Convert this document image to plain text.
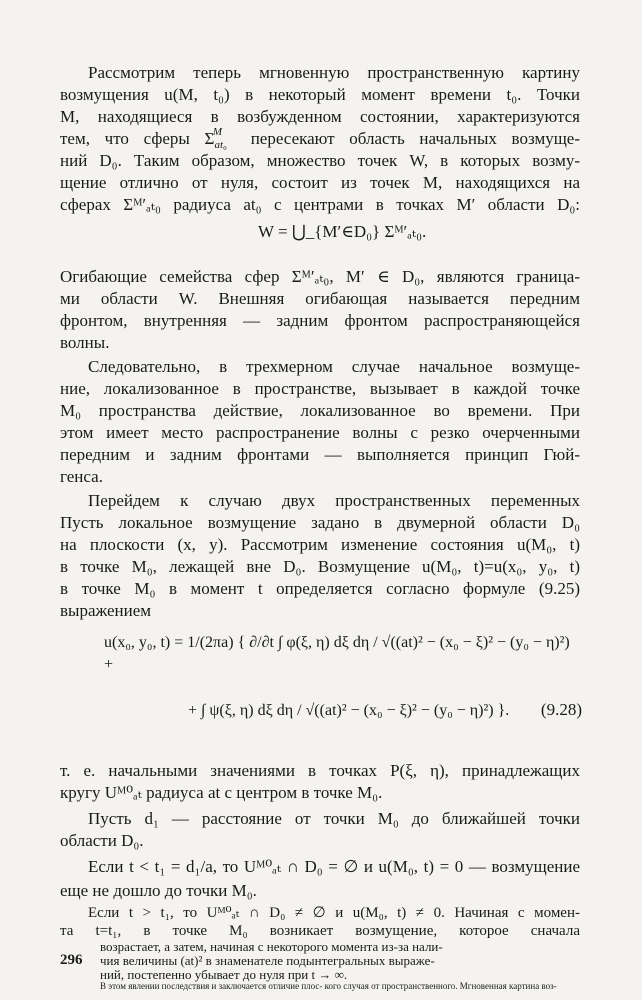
Рассмотрим теперь мгновенную пространственную картину
возмущения u(M, t₀) в некоторый момент времени t₀. Точки
M, находящиеся в возбужденном состоянии, характеризуются
тем, что сферы $\Sigma_{at_0}^M$ пересекают область начальных возмуще-
ний D₀. Таким образом, множество точек W, в которых возму-
щение отлично от нуля, состоит из точек M, находящихся на
сферах Σᴹ′ₐₜ₀ радиуса at₀ с центрами в точках M′ области D₀:
W = ⋃_{M′∈D₀} Σᴹ′ₐₜ₀.
Огибающие семейства сфер Σᴹ′ₐₜ₀, M′ ∈ D₀, являются граница-
ми области W. Внешняя огибающая называется передним
фронтом, внутренняя — задним фронтом распространяющейся
волны.
Следовательно, в трехмерном случае начальное возмуще-
ние, локализованное в пространстве, вызывает в каждой точке
M₀ пространства действие, локализованное во времени. При
этом имеет место распространение волны с резко очерченными
передним и задним фронтами — выполняется принцип Гюй-
генса.
Перейдем к случаю двух пространственных переменных
Пусть локальное возмущение задано в двумерной области D₀
на плоскости (x, y). Рассмотрим изменение состояния u(M₀, t)
в точке M₀, лежащей вне D₀. Возмущение u(M₀, t)=u(x₀, y₀, t)
в точке M₀ в момент t определяется согласно формуле (9.25)
выражением
u(x₀, y₀, t) = 1/(2πa) { ∂/∂t ∫ φ(ξ, η) dξ dη / √((at)² − (x₀ − ξ)² − (y₀ − η)²) +
+ ∫ ψ(ξ, η) dξ dη / √((at)² − (x₀ − ξ)² − (y₀ − η)²) }.	(9.28)
т. е. начальными значениями в точках P(ξ, η), принадлежащих
кругу Uᴹ⁰ₐₜ радиуса at с центром в точке M₀.
Пусть d₁ — расстояние от точки M₀ до ближайшей точки
области D₀.
Если t < t₁ = d₁/a, то Uᴹ⁰ₐₜ ∩ D₀ = ∅ и u(M₀, t) = 0 — возмущение
еще не дошло до точки M₀.
Если t > t₁, то Uᴹ⁰ₐₜ ∩ D₀ ≠ ∅ и u(M₀, t) ≠ 0. Начиная с момен-
та t=t₁, в точке M₀ возникает возмущение, которое сначала
возрастает, а затем, начиная с некоторого момента из-за нали-
чия величины (at)² в знаменателе подынтегральных выраже-
ний, постепенно убывает до нуля при t → ∞.
В этом явлении последствия и заключается отличие плос- кого случая от пространственного. Мгновенная картина воз-
296
